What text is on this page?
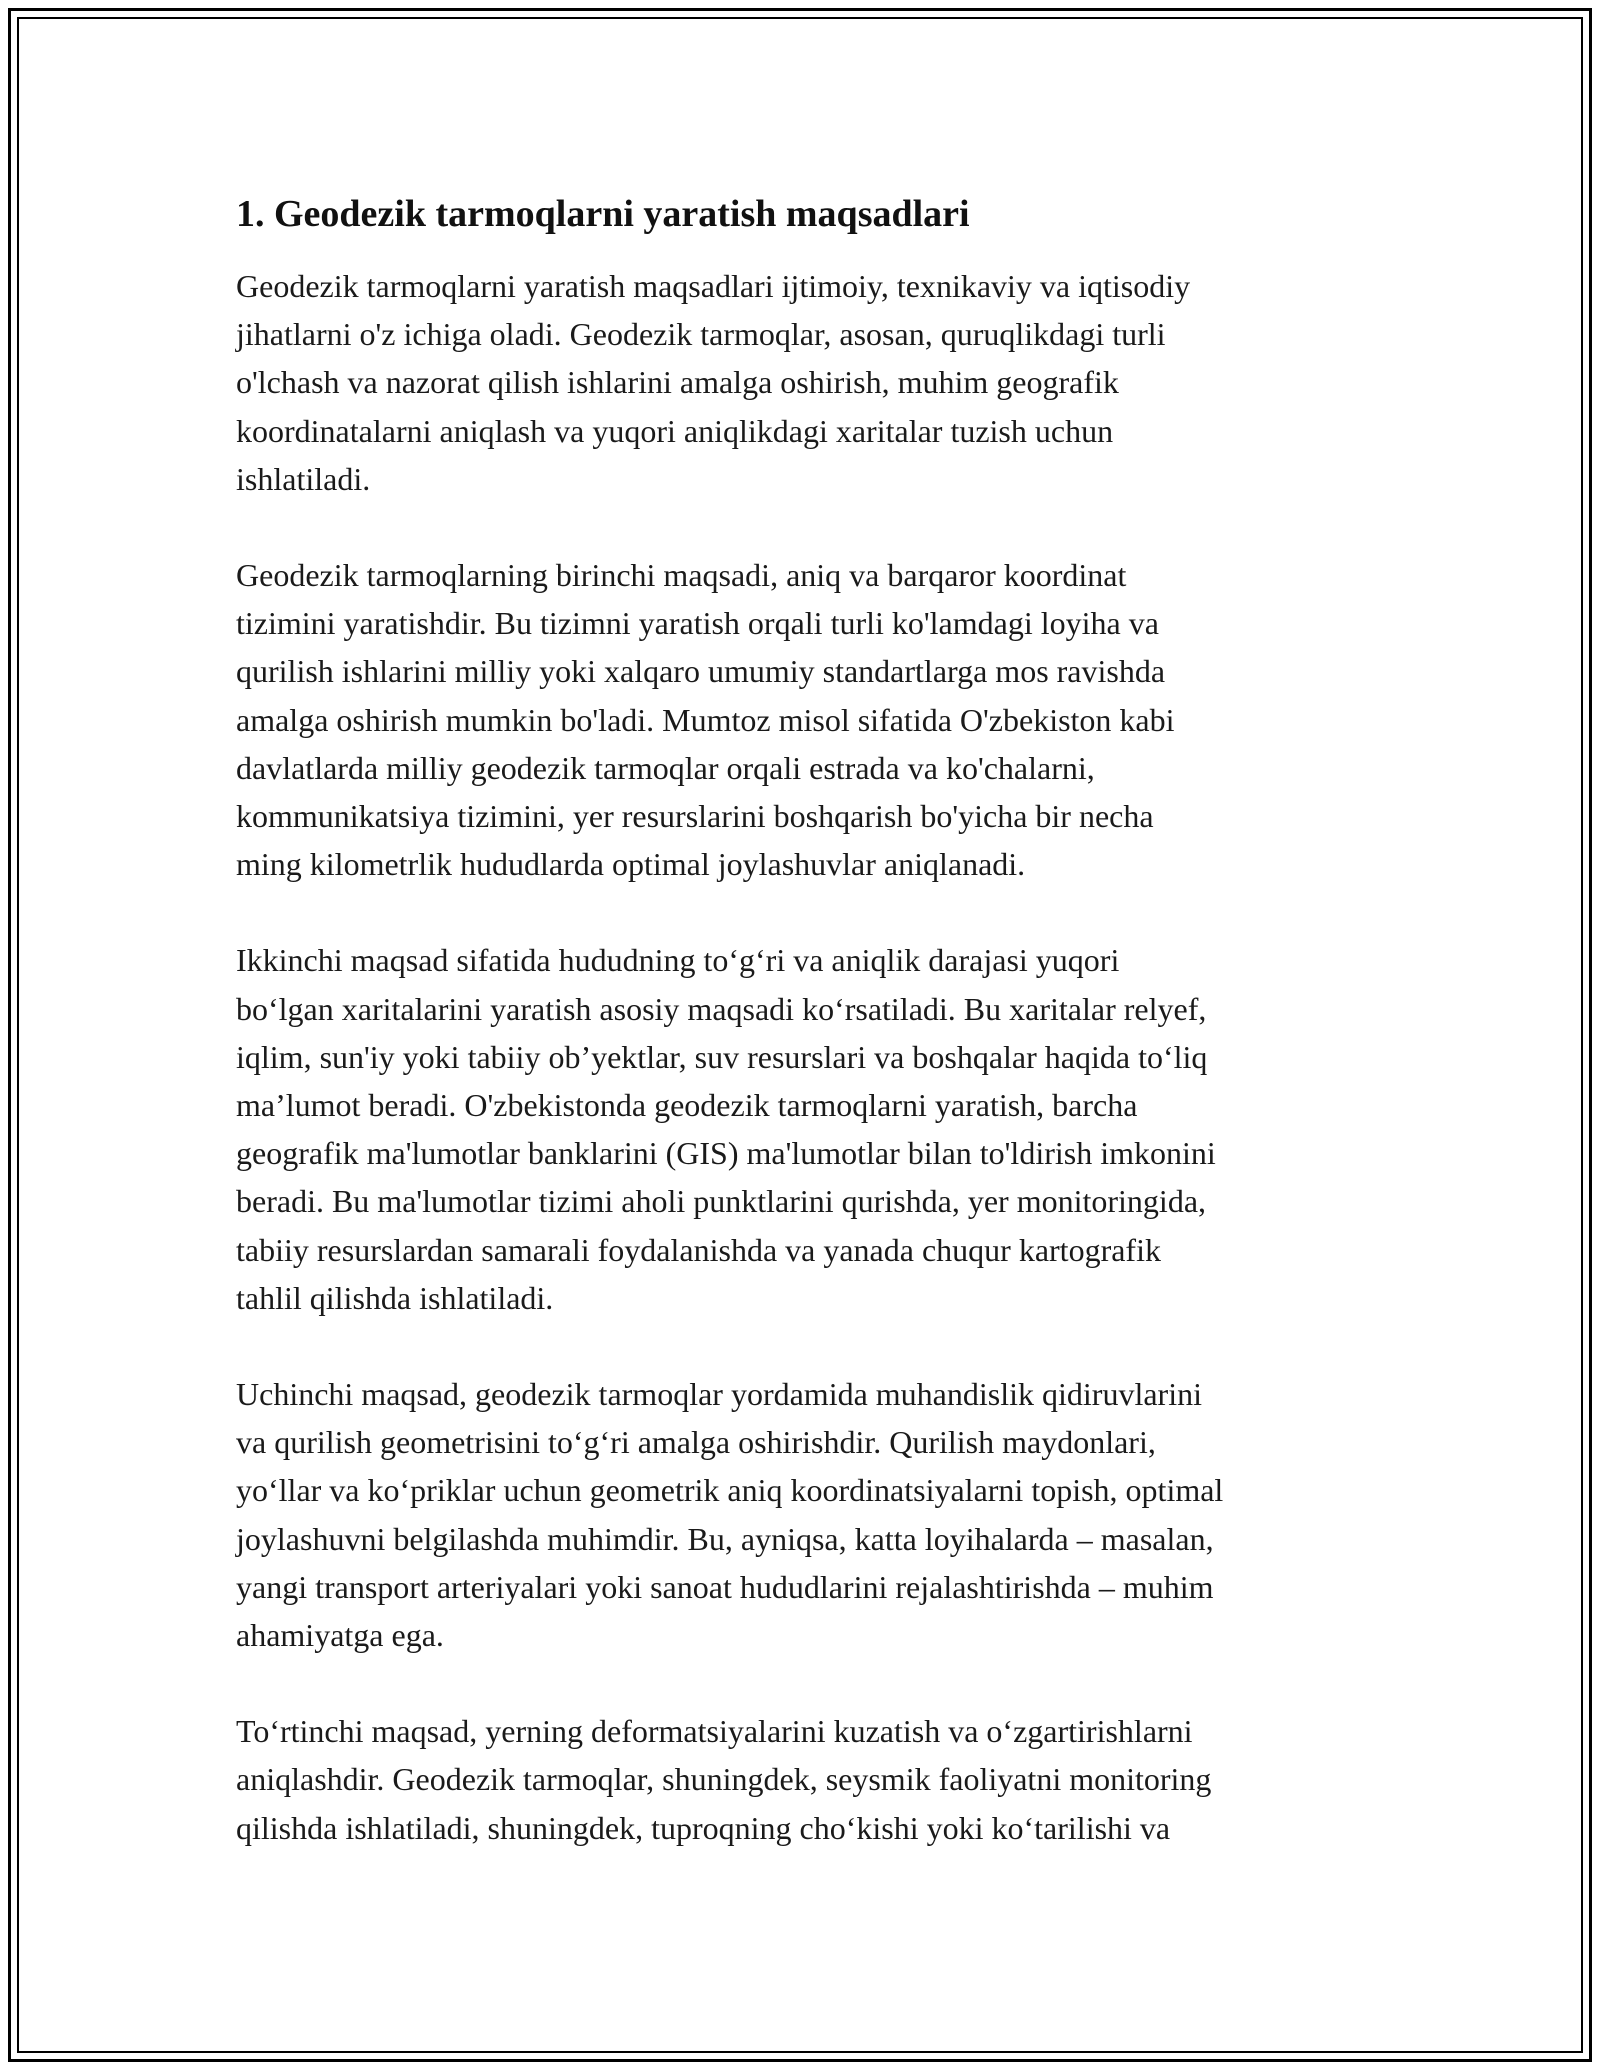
1. Geodezik tarmoqlarni yaratish maqsadlari

Geodezik tarmoqlarni yaratish maqsadlari ijtimoiy, texnikaviy va iqtisodiy
jihatlarni o'z ichiga oladi. Geodezik tarmoqlar, asosan, quruqlikdagi turli
o'lchash va nazorat qilish ishlarini amalga oshirish, muhim geografik
koordinatalarni aniqlash va yuqori aniqlikdagi xaritalar tuzish uchun
ishlatiladi.

Geodezik tarmoqlarning birinchi maqsadi, aniq va barqaror koordinat
tizimini yaratishdir. Bu tizimni yaratish orqali turli ko'lamdagi loyiha va
qurilish ishlarini milliy yoki xalqaro umumiy standartlarga mos ravishda
amalga oshirish mumkin bo'ladi. Mumtoz misol sifatida O'zbekiston kabi
davlatlarda milliy geodezik tarmoqlar orqali estrada va ko'chalarni,
kommunikatsiya tizimini, yer resurslarini boshqarish bo'yicha bir necha
ming kilometrlik hududlarda optimal joylashuvlar aniqlanadi.

Ikkinchi maqsad sifatida hududning to‘g‘ri va aniqlik darajasi yuqori
bo‘lgan xaritalarini yaratish asosiy maqsadi ko‘rsatiladi. Bu xaritalar relyef,
iqlim, sun'iy yoki tabiiy ob’yektlar, suv resurslari va boshqalar haqida to‘liq
ma’lumot beradi. O'zbekistonda geodezik tarmoqlarni yaratish, barcha
geografik ma'lumotlar banklarini (GIS) ma'lumotlar bilan to'ldirish imkonini
beradi. Bu ma'lumotlar tizimi aholi punktlarini qurishda, yer monitoringida,
tabiiy resurslardan samarali foydalanishda va yanada chuqur kartografik
tahlil qilishda ishlatiladi.

Uchinchi maqsad, geodezik tarmoqlar yordamida muhandislik qidiruvlarini
va qurilish geometrisini to‘g‘ri amalga oshirishdir. Qurilish maydonlari,
yo‘llar va ko‘priklar uchun geometrik aniq koordinatsiyalarni topish, optimal
joylashuvni belgilashda muhimdir. Bu, ayniqsa, katta loyihalarda – masalan,
yangi transport arteriyalari yoki sanoat hududlarini rejalashtirishda – muhim
ahamiyatga ega.

To‘rtinchi maqsad, yerning deformatsiyalarini kuzatish va o‘zgartirishlarni
aniqlashdir. Geodezik tarmoqlar, shuningdek, seysmik faoliyatni monitoring
qilishda ishlatiladi, shuningdek, tuproqning cho‘kishi yoki ko‘tarilishi va
